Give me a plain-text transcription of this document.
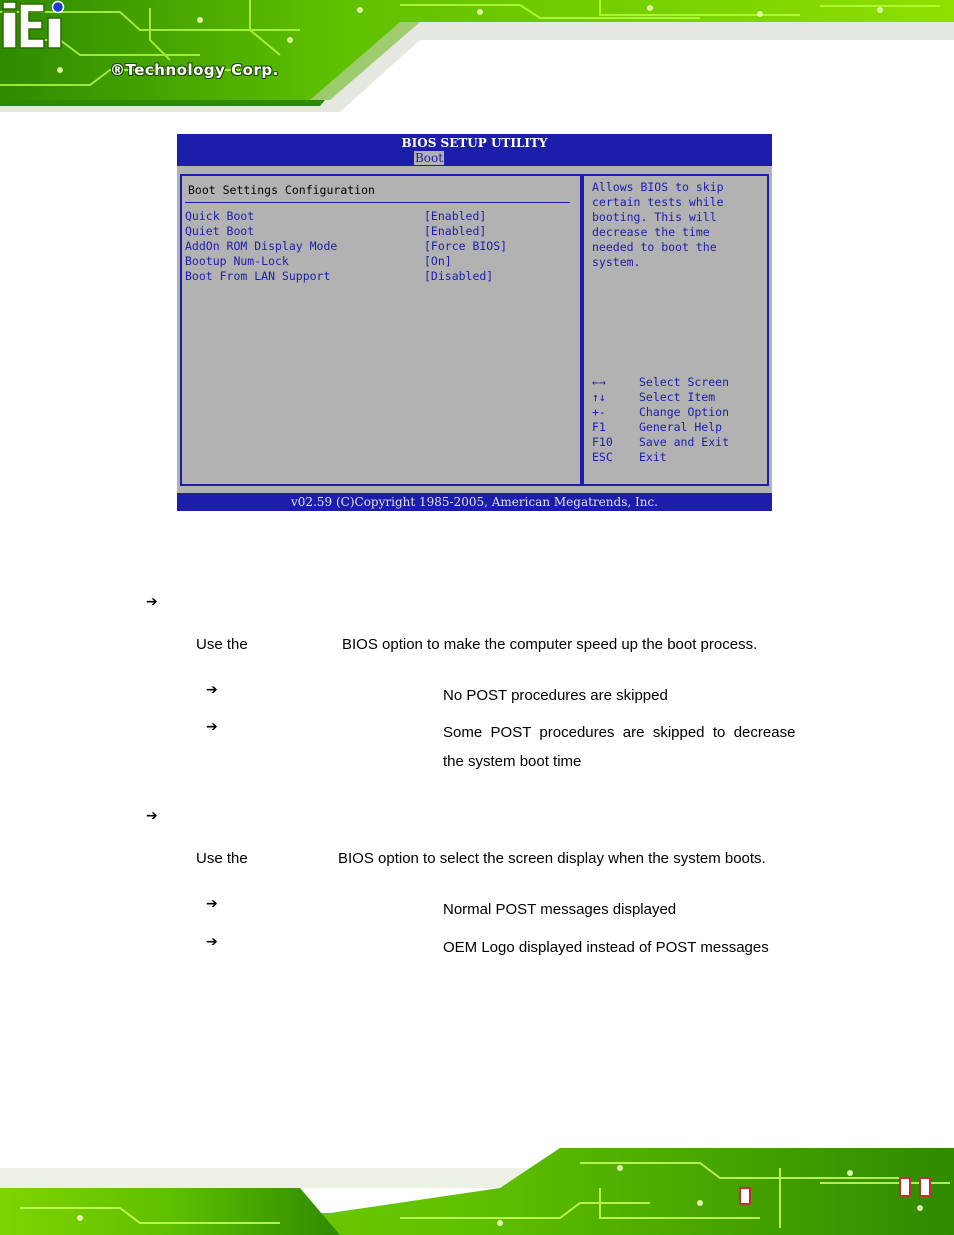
®Technology Corp.
BIOS SETUP UTILITY
Boot
Boot Settings Configuration
Quick Boot	[Enabled]
Quiet Boot	[Enabled]
AddOn ROM Display Mode	[Force BIOS]
Bootup Num-Lock	[On]
Boot From LAN Support	[Disabled]
Allows BIOS to skip
certain tests while
booting. This will
decrease the time
needed to boot the
system.
←→	Select Screen
↑↓	Select Item
+-	Change Option
F1	General Help
F10 Save and Exit
ESC Exit
v02.59 (C)Copyright 1985-2005, American Megatrends, Inc.
➔
Use the	BIOS option to make the computer speed up the boot process.
➔	No POST procedures are skipped
➔	Some  POST  procedures  are  skipped  to  decrease
the system boot time
➔
Use the	BIOS option to select the screen display when the system boots.
➔	Normal POST messages displayed
➔	OEM Logo displayed instead of POST messages
